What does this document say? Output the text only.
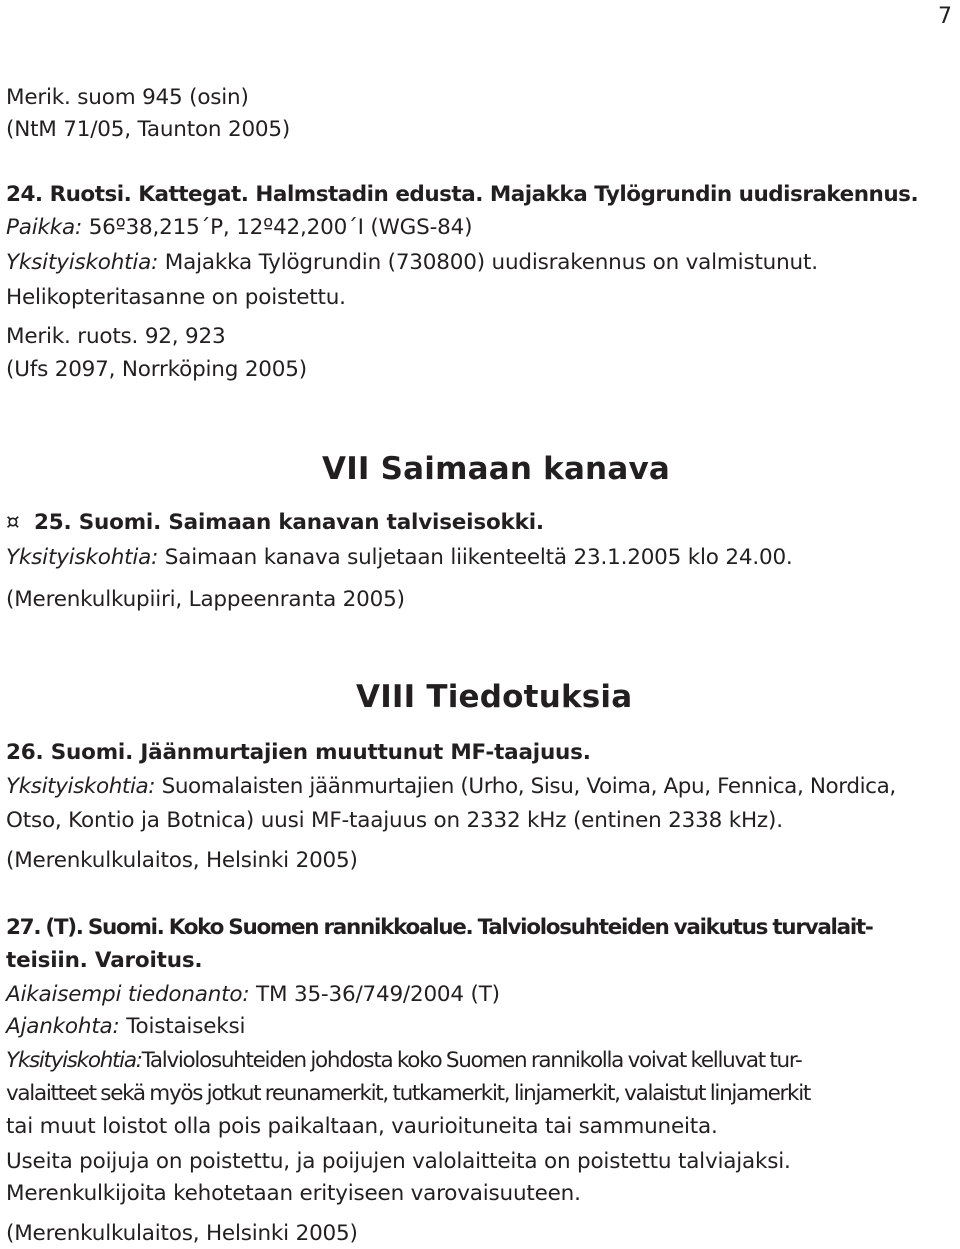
7
Merik. suom 945 (osin)
(NtM 71/05, Taunton 2005)
24. Ruotsi. Kattegat. Halmstadin edusta. Majakka Tylögrundin uudisrakennus.
Paikka: 56º38,215´P, 12º42,200´I (WGS-84)
Yksityiskohtia: Majakka Tylögrundin (730800) uudisrakennus on valmistunut.
Helikopteritasanne on poistettu.
Merik. ruots. 92, 923
(Ufs 2097, Norrköping 2005)
VII Saimaan kanava
¤ 25. Suomi. Saimaan kanavan talviseisokki.
Yksityiskohtia: Saimaan kanava suljetaan liikenteeltä 23.1.2005 klo 24.00.
(Merenkulkupiiri, Lappeenranta 2005)
VIII Tiedotuksia
26. Suomi. Jäänmurtajien muuttunut MF-taajuus.
Yksityiskohtia: Suomalaisten jäänmurtajien (Urho, Sisu, Voima, Apu, Fennica, Nordica,
Otso, Kontio ja Botnica) uusi MF-taajuus on 2332 kHz (entinen 2338 kHz).
(Merenkulkulaitos, Helsinki 2005)
27. (T). Suomi. Koko Suomen rannikkoalue. Talviolosuhteiden vaikutus turvalait-
teisiin. Varoitus.
Aikaisempi tiedonanto: TM 35-36/749/2004 (T)
Ajankohta: Toistaiseksi
Yksityiskohtia:Talviolosuhteiden johdosta koko Suomen rannikolla voivat kelluvat tur-
valaitteet sekä myös jotkut reunamerkit, tutkamerkit, linjamerkit, valaistut linjamerkit
tai muut loistot olla pois paikaltaan, vaurioituneita tai sammuneita.
Useita poijuja on poistettu, ja poijujen valolaitteita on poistettu talviajaksi.
Merenkulkijoita kehotetaan erityiseen varovaisuuteen.
(Merenkulkulaitos, Helsinki 2005)
